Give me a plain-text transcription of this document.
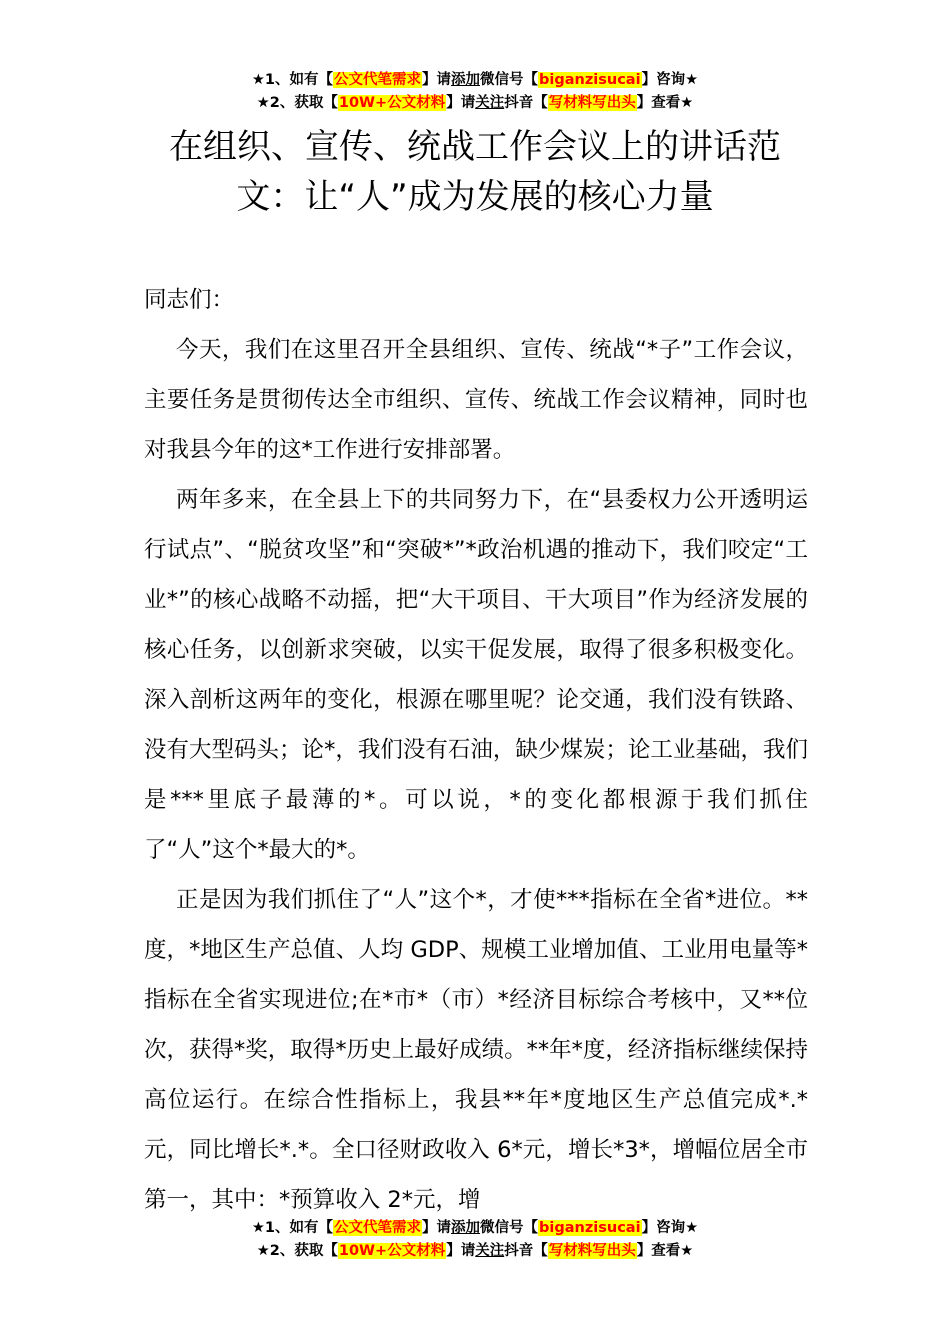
★1、如有【公文代笔需求】请添加微信号【biganzisucai】咨询★
★2、获取【10W+公文材料】请关注抖音【写材料写出头】查看★
在组织、宣传、统战工作会议上的讲话范
文：让“人”成为发展的核心力量

同志们：

今天，我们在这里召开全县组织、宣传、统战“*子”工作会议，主要任务是贯彻传达全市组织、宣传、统战工作会议精神，同时也对我县今年的这*工作进行安排部署。

两年多来，在全县上下的共同努力下，在“县委权力公开透明运行试点”、“脱贫攻坚”和“突破*”*政治机遇的推动下，我们咬定“工业*”的核心战略不动摇，把“大干项目、干大项目”作为经济发展的核心任务，以创新求突破，以实干促发展，取得了很多积极变化。深入剖析这两年的变化，根源在哪里呢？论交通，我们没有铁路、没有大型码头；论*，我们没有石油，缺少煤炭；论工业基础，我们是***里底子最薄的*。可以说，*的变化都根源于我们抓住了“人”这个*最大的*。

正是因为我们抓住了“人”这个*，才使***指标在全省*进位。**度，*地区生产总值、人均 GDP、规模工业增加值、工业用电量等*指标在全省实现进位;在*市*（市）*经济目标综合考核中，又**位次，获得*奖，取得*历史上最好成绩。**年*度，经济指标继续保持高位运行。在综合性指标上，我县**年*度地区生产总值完成*.*元，同比增长*.*。全口径财政收入 6*元，增长*3*，增幅位居全市第一，其中：*预算收入 2*元，增

★1、如有【公文代笔需求】请添加微信号【biganzisucai】咨询★
★2、获取【10W+公文材料】请关注抖音【写材料写出头】查看★
